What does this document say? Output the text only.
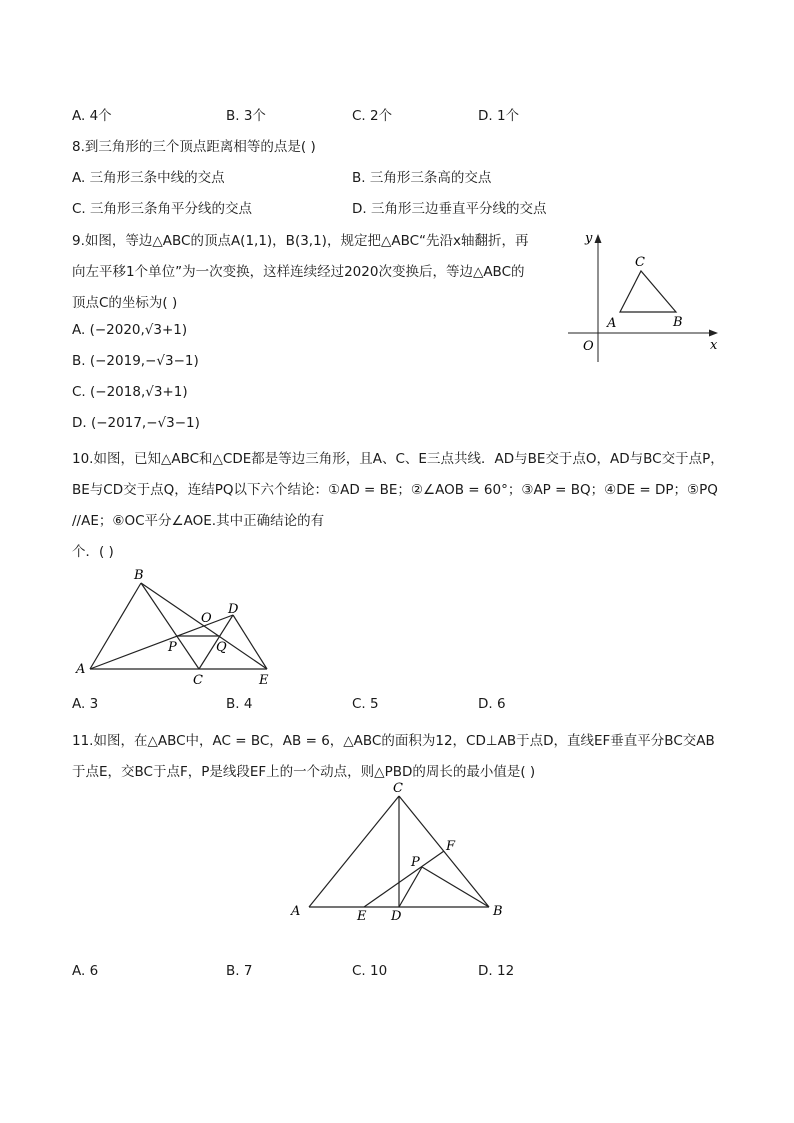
A. 4个	B. 3个	C. 2个	D. 1个
8.到三角形的三个顶点距离相等的点是( )
A. 三角形三条中线的交点	B. 三角形三条高的交点
C. 三角形三条角平分线的交点	D. 三角形三边垂直平分线的交点
9.如图，等边△ABC的顶点A(1,1)，B(3,1)，规定把△ABC“先沿x轴翻折，再
向左平移1个单位”为一次变换，这样连续经过2020次变换后，等边△ABC的
顶点C的坐标为( )
A. (−2020,√3+1)
B. (−2019,−√3−1)
C. (−2018,√3+1)
D. (−2017,−√3−1)
y
x
O
A	B
C
10.如图，已知△ABC和△CDE都是等边三角形，且A、C、E三点共线．AD与BE交于点O，AD与BC交于点P，
BE与CD交于点Q，连结PQ以下六个结论：①AD = BE；②∠AOB = 60°；③AP = BQ；④DE = DP；⑤PQ
//AE；⑥OC平分∠AOE.其中正确结论的有
个．( )
A
B
C
D
E
O
P	Q
A. 3	B. 4	C. 5	D. 6
11.如图，在△ABC中，AC = BC，AB = 6，△ABC的面积为12，CD⊥AB于点D，直线EF垂直平分BC交AB
于点E，交BC于点F，P是线段EF上的一个动点，则△PBD的周长的最小值是( )
A	B
C
D
E
F
P
A. 6	B. 7	C. 10	D. 12
